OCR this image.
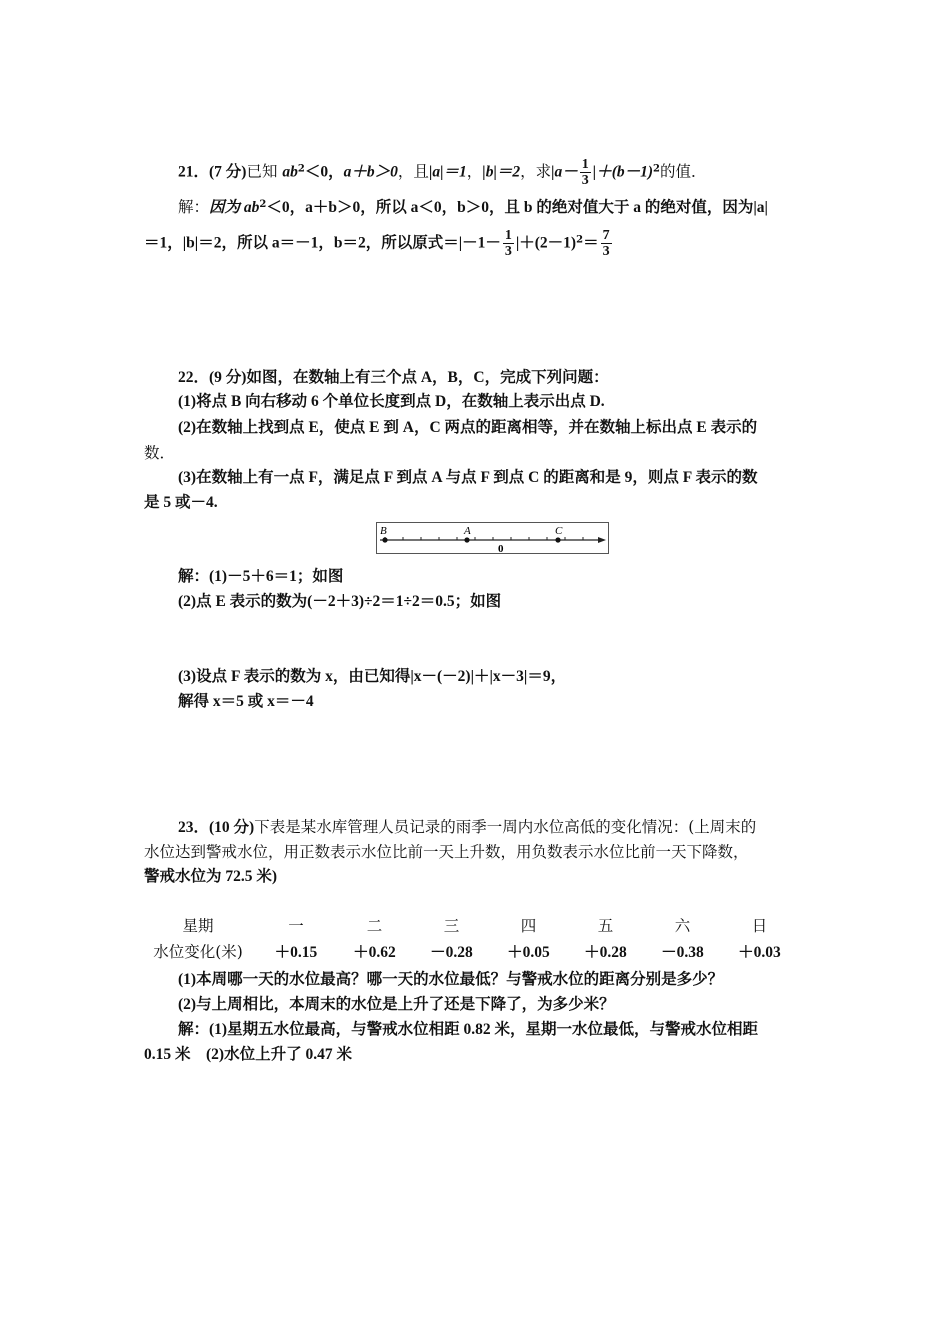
21．(7 分)已知 $ab^2<0$，a＋b＞0，且|a|＝1，|b|＝2，求$|a- \frac{1}{3} |+(b-1)^2$的值．
解：因为 $ab^2<0$，a＋b＞0，所以 a＜0，b＞0，且 b 的绝对值大于 a 的绝对值，因为|a|
＝1，|b|＝2，所以 a＝－1，b＝2，所以原式$=|-1- \frac{1}{3} |+(2-1)^2= \frac{7}{3}$
22．(9 分)如图，在数轴上有三个点 A，B，C，完成下列问题：
(1)将点 B 向右移动 6 个单位长度到点 D，在数轴上表示出点 D.
(2)在数轴上找到点 E，使点 E 到 A，C 两点的距离相等，并在数轴上标出点 E 表示的
数．
(3)在数轴上有一点 F，满足点 F 到点 A 与点 F 到点 C 的距离和是 9，则点 F 表示的数
是 5 或－4.
B	A	C
0
解：(1)－5＋6＝1；如图
(2)点 E 表示的数为(－2＋3)÷2＝1÷2＝0.5；如图
(3)设点 F 表示的数为 x，由已知得|x－(－2)|＋|x－3|＝9，
解得 x＝5 或 x＝－4
23．(10 分)下表是某水库管理人员记录的雨季一周内水位高低的变化情况：(上周末的
水位达到警戒水位，用正数表示水位比前一天上升数，用负数表示水位比前一天下降数，
警戒水位为 72.5 米)
星期	一	二	三	四	五	六	日
水位变化(米)	＋0.15	＋0.62	－0.28	＋0.05	＋0.28	－0.38	＋0.03
(1)本周哪一天的水位最高？哪一天的水位最低？与警戒水位的距离分别是多少？
(2)与上周相比，本周末的水位是上升了还是下降了，为多少米？
解：(1)星期五水位最高，与警戒水位相距 0.82 米，星期一水位最低，与警戒水位相距
0.15 米　(2)水位上升了 0.47 米
